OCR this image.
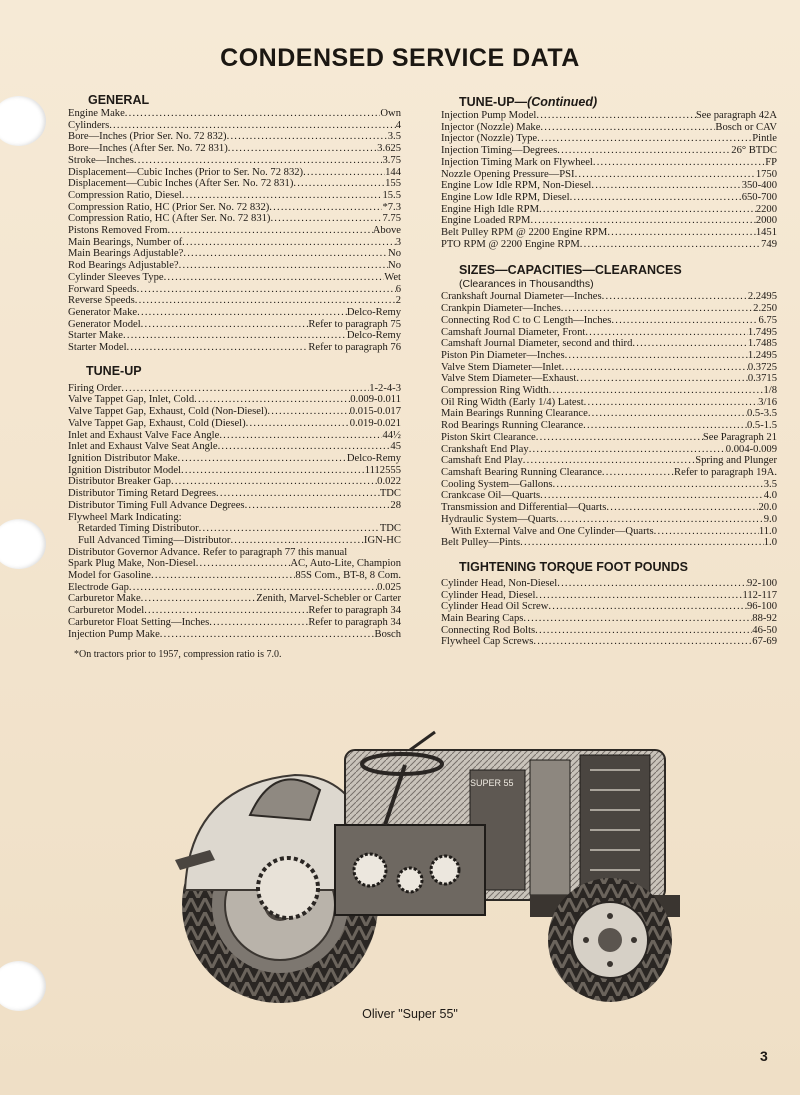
CONDENSED SERVICE DATA
GENERAL
Engine Make .....	Own
Cylinders .....	4
Bore—Inches (Prior Ser. No. 72 832) .....	3.5
Bore—Inches (After Ser. No. 72 831) .....	3.625
Stroke—Inches .....	3.75
Displacement—Cubic Inches (Prior to Ser. No. 72 832) .....	144
Displacement—Cubic Inches (After Ser. No. 72 831) .....	155
Compression Ratio, Diesel .....	15.5
Compression Ratio, HC (Prior Ser. No. 72 832) .....	*7.3
Compression Ratio, HC (After Ser. No. 72 831) .....	7.75
Pistons Removed From .....	Above
Main Bearings, Number of .....	3
Main Bearings Adjustable? .....	No
Rod Bearings Adjustable? .....	No
Cylinder Sleeves Type .....	Wet
Forward Speeds .....	6
Reverse Speeds .....	2
Generator Make .....	Delco-Remy
Generator Model .....	Refer to paragraph 75
Starter Make .....	Delco-Remy
Starter Model .....	Refer to paragraph 76
TUNE-UP
Firing Order .....	1-2-4-3
Valve Tappet Gap, Inlet, Cold .....	0.009-0.011
Valve Tappet Gap, Exhaust, Cold (Non-Diesel) .....	0.015-0.017
Valve Tappet Gap, Exhaust, Cold (Diesel) .....	0.019-0.021
Inlet and Exhaust Valve Face Angle .....	44½
Inlet and Exhaust Valve Seat Angle .....	45
Ignition Distributor Make .....	Delco-Remy
Ignition Distributor Model .....	1112555
Distributor Breaker Gap .....	0.022
Distributor Timing Retard Degrees .....	TDC
Distributor Timing Full Advance Degrees .....	28
Flywheel Mark Indicating:
Retarded Timing Distributor .....	TDC
Full Advanced Timing—Distributor .....	IGN-HC
Distributor Governor Advance. Refer to paragraph 77 this manual
Spark Plug Make, Non-Diesel .....	AC, Auto-Lite, Champion
Model for Gasoline .....	85S Com., BT-8, 8 Com.
Electrode Gap .....	0.025
Carburetor Make .....	Zenith, Marvel-Schebler or Carter
Carburetor Model .....	Refer to paragraph 34
Carburetor Float Setting—Inches .....	Refer to paragraph 34
Injection Pump Make .....	Bosch
*On tractors prior to 1957, compression ratio is 7.0.
TUNE-UP—(Continued)
Injection Pump Model .....	See paragraph 42A
Injector (Nozzle) Make .....	Bosch or CAV
Injector (Nozzle) Type .....	Pintle
Injection Timing—Degrees .....	26° BTDC
Injection Timing Mark on Flywheel .....	FP
Nozzle Opening Pressure—PSI .....	1750
Engine Low Idle RPM, Non-Diesel .....	350-400
Engine Low Idle RPM, Diesel .....	650-700
Engine High Idle RPM .....	2200
Engine Loaded RPM .....	2000
Belt Pulley RPM @ 2200 Engine RPM .....	1451
PTO RPM @ 2200 Engine RPM .....	749
SIZES—CAPACITIES—CLEARANCES
(Clearances in Thousandths)
Crankshaft Journal Diameter—Inches .....	2.2495
Crankpin Diameter—Inches .....	2.250
Connecting Rod C to C Length—Inches .....	6.75
Camshaft Journal Diameter, Front .....	1.7495
Camshaft Journal Diameter, second and third .....	1.7485
Piston Pin Diameter—Inches .....	1.2495
Valve Stem Diameter—Inlet .....	0.3725
Valve Stem Diameter—Exhaust .....	0.3715
Compression Ring Width .....	1/8
Oil Ring Width (Early 1/4) Latest .....	3/16
Main Bearings Running Clearance .....	0.5-3.5
Rod Bearings Running Clearance .....	0.5-1.5
Piston Skirt Clearance .....	See Paragraph 21
Crankshaft End Play .....	0.004-0.009
Camshaft End Play .....	Spring and Plunger
Camshaft Bearing Running Clearance .....	Refer to paragraph 19A.
Cooling System—Gallons .....	3.5
Crankcase Oil—Quarts .....	4.0
Transmission and Differential—Quarts .....	20.0
Hydraulic System—Quarts .....	9.0
With External Valve and One Cylinder—Quarts .....	11.0
Belt Pulley—Pints .....	1.0
TIGHTENING TORQUE FOOT POUNDS
Cylinder Head, Non-Diesel .....	92-100
Cylinder Head, Diesel .....	112-117
Cylinder Head Oil Screw .....	96-100
Main Bearing Caps .....	88-92
Connecting Rod Bolts .....	46-50
Flywheel Cap Screws .....	67-69
SUPER 55
Oliver "Super 55"
3
